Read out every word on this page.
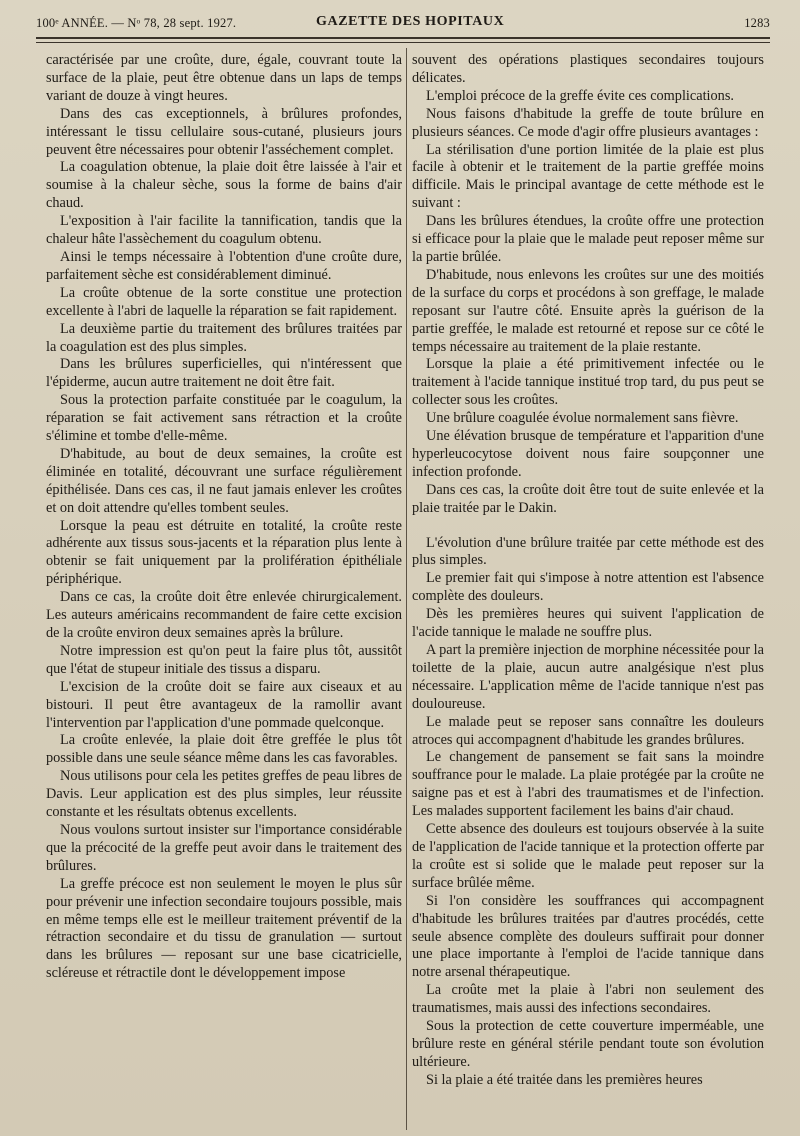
100ᵉ ANNÉE. — Nᵒ 78, 28 sept. 1927.	GAZETTE DES HOPITAUX	1283

caractérisée par une croûte, dure, égale, couvrant toute la surface de la plaie, peut être obtenue dans un laps de temps variant de douze à vingt heures.

Dans des cas exceptionnels, à brûlures profondes, intéressant le tissu cellulaire sous-cutané, plusieurs jours peuvent être nécessaires pour obtenir l'asséchement complet.

La coagulation obtenue, la plaie doit être laissée à l'air et soumise à la chaleur sèche, sous la forme de bains d'air chaud.

L'exposition à l'air facilite la tannification, tandis que la chaleur hâte l'assèchement du coagulum obtenu.

Ainsi le temps nécessaire à l'obtention d'une croûte dure, parfaitement sèche est considérablement diminué.

La croûte obtenue de la sorte constitue une protection excellente à l'abri de laquelle la réparation se fait rapidement.

La deuxième partie du traitement des brûlures traitées par la coagulation est des plus simples.

Dans les brûlures superficielles, qui n'intéressent que l'épiderme, aucun autre traitement ne doit être fait.

Sous la protection parfaite constituée par le coagulum, la réparation se fait activement sans rétraction et la croûte s'élimine et tombe d'elle-même.

D'habitude, au bout de deux semaines, la croûte est éliminée en totalité, découvrant une surface régulièrement épithélisée. Dans ces cas, il ne faut jamais enlever les croûtes et on doit attendre qu'elles tombent seules.

Lorsque la peau est détruite en totalité, la croûte reste adhérente aux tissus sous-jacents et la réparation plus lente à obtenir se fait uniquement par la prolifération épithéliale périphérique.

Dans ce cas, la croûte doit être enlevée chirurgicalement. Les auteurs américains recommandent de faire cette excision de la croûte environ deux semaines après la brûlure.

Notre impression est qu'on peut la faire plus tôt, aussitôt que l'état de stupeur initiale des tissus a disparu.

L'excision de la croûte doit se faire aux ciseaux et au bistouri. Il peut être avantageux de la ramollir avant l'intervention par l'application d'une pommade quelconque.

La croûte enlevée, la plaie doit être greffée le plus tôt possible dans une seule séance même dans les cas favorables.

Nous utilisons pour cela les petites greffes de peau libres de Davis. Leur application est des plus simples, leur réussite constante et les résultats obtenus excellents.

Nous voulons surtout insister sur l'importance considérable que la précocité de la greffe peut avoir dans le traitement des brûlures.

La greffe précoce est non seulement le moyen le plus sûr pour prévenir une infection secondaire toujours possible, mais en même temps elle est le meilleur traitement préventif de la rétraction secondaire et du tissu de granulation — surtout dans les brûlures — reposant sur une base cicatricielle, scléreuse et rétractile dont le développement impose

souvent des opérations plastiques secondaires toujours délicates.

L'emploi précoce de la greffe évite ces complications.

Nous faisons d'habitude la greffe de toute brûlure en plusieurs séances. Ce mode d'agir offre plusieurs avantages :

La stérilisation d'une portion limitée de la plaie est plus facile à obtenir et le traitement de la partie greffée moins difficile. Mais le principal avantage de cette méthode est le suivant :

Dans les brûlures étendues, la croûte offre une protection si efficace pour la plaie que le malade peut reposer même sur la partie brûlée.

D'habitude, nous enlevons les croûtes sur une des moitiés de la surface du corps et procédons à son greffage, le malade reposant sur l'autre côté. Ensuite après la guérison de la partie greffée, le malade est retourné et repose sur ce côté le temps nécessaire au traitement de la plaie restante.

Lorsque la plaie a été primitivement infectée ou le traitement à l'acide tannique institué trop tard, du pus peut se collecter sous les croûtes.

Une brûlure coagulée évolue normalement sans fièvre.

Une élévation brusque de température et l'apparition d'une hyperleucocytose doivent nous faire soupçonner une infection profonde.

Dans ces cas, la croûte doit être tout de suite enlevée et la plaie traitée par le Dakin.

L'évolution d'une brûlure traitée par cette méthode est des plus simples.

Le premier fait qui s'impose à notre attention est l'absence complète des douleurs.

Dès les premières heures qui suivent l'application de l'acide tannique le malade ne souffre plus.

A part la première injection de morphine nécessitée pour la toilette de la plaie, aucun autre analgésique n'est plus nécessaire. L'application même de l'acide tannique n'est pas douloureuse.

Le malade peut se reposer sans connaître les douleurs atroces qui accompagnent d'habitude les grandes brûlures.

Le changement de pansement se fait sans la moindre souffrance pour le malade. La plaie protégée par la croûte ne saigne pas et est à l'abri des traumatismes et de l'infection. Les malades supportent facilement les bains d'air chaud.

Cette absence des douleurs est toujours observée à la suite de l'application de l'acide tannique et la protection offerte par la croûte est si solide que le malade peut reposer sur la surface brûlée même.

Si l'on considère les souffrances qui accompagnent d'habitude les brûlures traitées par d'autres procédés, cette seule absence complète des douleurs suffirait pour donner une place importante à l'emploi de l'acide tannique dans notre arsenal thérapeutique.

La croûte met la plaie à l'abri non seulement des traumatismes, mais aussi des infections secondaires.

Sous la protection de cette couverture imperméable, une brûlure reste en général stérile pendant toute son évolution ultérieure.

Si la plaie a été traitée dans les premières heures
